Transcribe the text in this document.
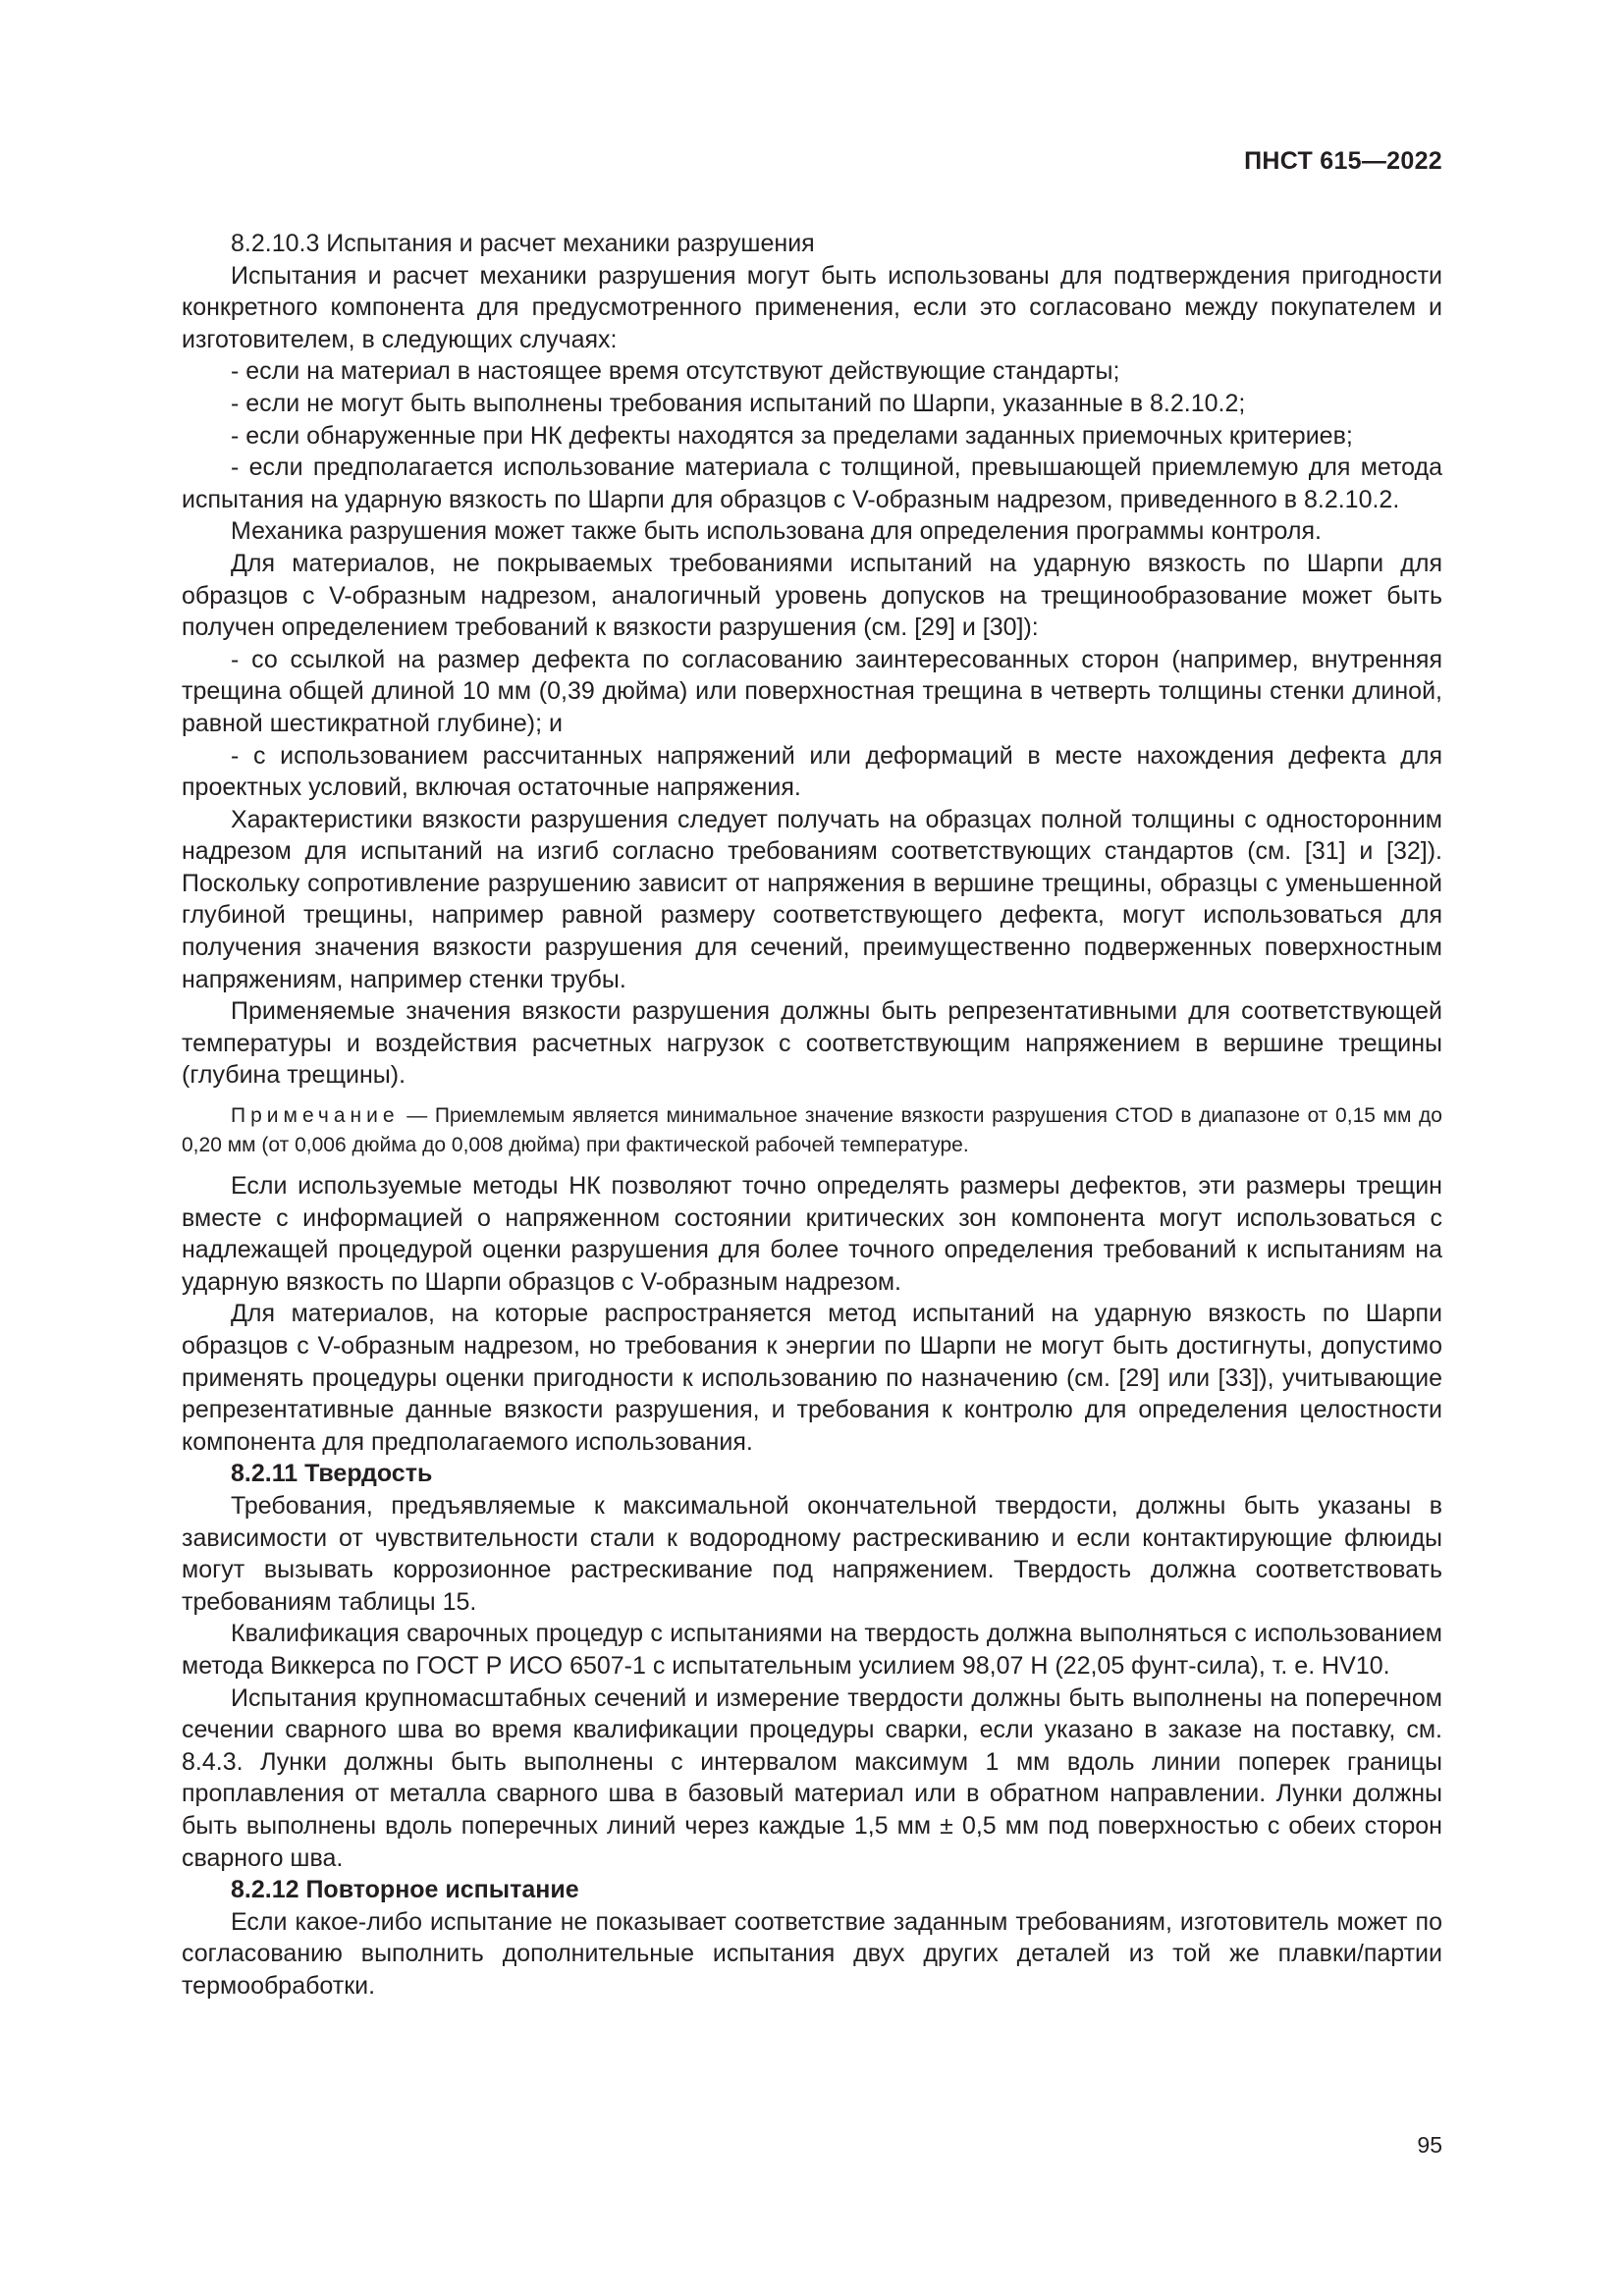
ПНСТ 615—2022

8.2.10.3 Испытания и расчет механики разрушения

Испытания и расчет механики разрушения могут быть использованы для подтверждения пригодности конкретного компонента для предусмотренного применения, если это согласовано между покупателем и изготовителем, в следующих случаях:

- если на материал в настоящее время отсутствуют действующие стандарты;

- если не могут быть выполнены требования испытаний по Шарпи, указанные в 8.2.10.2;

- если обнаруженные при НК дефекты находятся за пределами заданных приемочных критериев;

- если предполагается использование материала с толщиной, превышающей приемлемую для метода испытания на ударную вязкость по Шарпи для образцов с V-образным надрезом, приведенного в 8.2.10.2.

Механика разрушения может также быть использована для определения программы контроля.

Для материалов, не покрываемых требованиями испытаний на ударную вязкость по Шарпи для образцов с V-образным надрезом, аналогичный уровень допусков на трещинообразование может быть получен определением требований к вязкости разрушения (см. [29] и [30]):

- со ссылкой на размер дефекта по согласованию заинтересованных сторон (например, внутренняя трещина общей длиной 10 мм (0,39 дюйма) или поверхностная трещина в четверть толщины стенки длиной, равной шестикратной глубине); и

- с использованием рассчитанных напряжений или деформаций в месте нахождения дефекта для проектных условий, включая остаточные напряжения.

Характеристики вязкости разрушения следует получать на образцах полной толщины с односторонним надрезом для испытаний на изгиб согласно требованиям соответствующих стандартов (см. [31] и [32]). Поскольку сопротивление разрушению зависит от напряжения в вершине трещины, образцы с уменьшенной глубиной трещины, например равной размеру соответствующего дефекта, могут использоваться для получения значения вязкости разрушения для сечений, преимущественно подверженных поверхностным напряжениям, например стенки трубы.

Применяемые значения вязкости разрушения должны быть репрезентативными для соответствующей температуры и воздействия расчетных нагрузок с соответствующим напряжением в вершине трещины (глубина трещины).

Примечание — Приемлемым является минимальное значение вязкости разрушения CTOD в диапазоне от 0,15 мм до 0,20 мм (от 0,006 дюйма до 0,008 дюйма) при фактической рабочей температуре.

Если используемые методы НК позволяют точно определять размеры дефектов, эти размеры трещин вместе с информацией о напряженном состоянии критических зон компонента могут использоваться с надлежащей процедурой оценки разрушения для более точного определения требований к испытаниям на ударную вязкость по Шарпи образцов с V-образным надрезом.

Для материалов, на которые распространяется метод испытаний на ударную вязкость по Шарпи образцов с V-образным надрезом, но требования к энергии по Шарпи не могут быть достигнуты, допустимо применять процедуры оценки пригодности к использованию по назначению (см. [29] или [33]), учитывающие репрезентативные данные вязкости разрушения, и требования к контролю для определения целостности компонента для предполагаемого использования.

8.2.11 Твердость

Требования, предъявляемые к максимальной окончательной твердости, должны быть указаны в зависимости от чувствительности стали к водородному растрескиванию и если контактирующие флюиды могут вызывать коррозионное растрескивание под напряжением. Твердость должна соответствовать требованиям таблицы 15.

Квалификация сварочных процедур с испытаниями на твердость должна выполняться с использованием метода Виккерса по ГОСТ Р ИСО 6507-1 с испытательным усилием 98,07 Н (22,05 фунт-сила), т. е. HV10.

Испытания крупномасштабных сечений и измерение твердости должны быть выполнены на поперечном сечении сварного шва во время квалификации процедуры сварки, если указано в заказе на поставку, см. 8.4.3. Лунки должны быть выполнены с интервалом максимум 1 мм вдоль линии поперек границы проплавления от металла сварного шва в базовый материал или в обратном направлении. Лунки должны быть выполнены вдоль поперечных линий через каждые 1,5 мм ± 0,5 мм под поверхностью с обеих сторон сварного шва.

8.2.12 Повторное испытание

Если какое-либо испытание не показывает соответствие заданным требованиям, изготовитель может по согласованию выполнить дополнительные испытания двух других деталей из той же плавки/партии термообработки.

95
